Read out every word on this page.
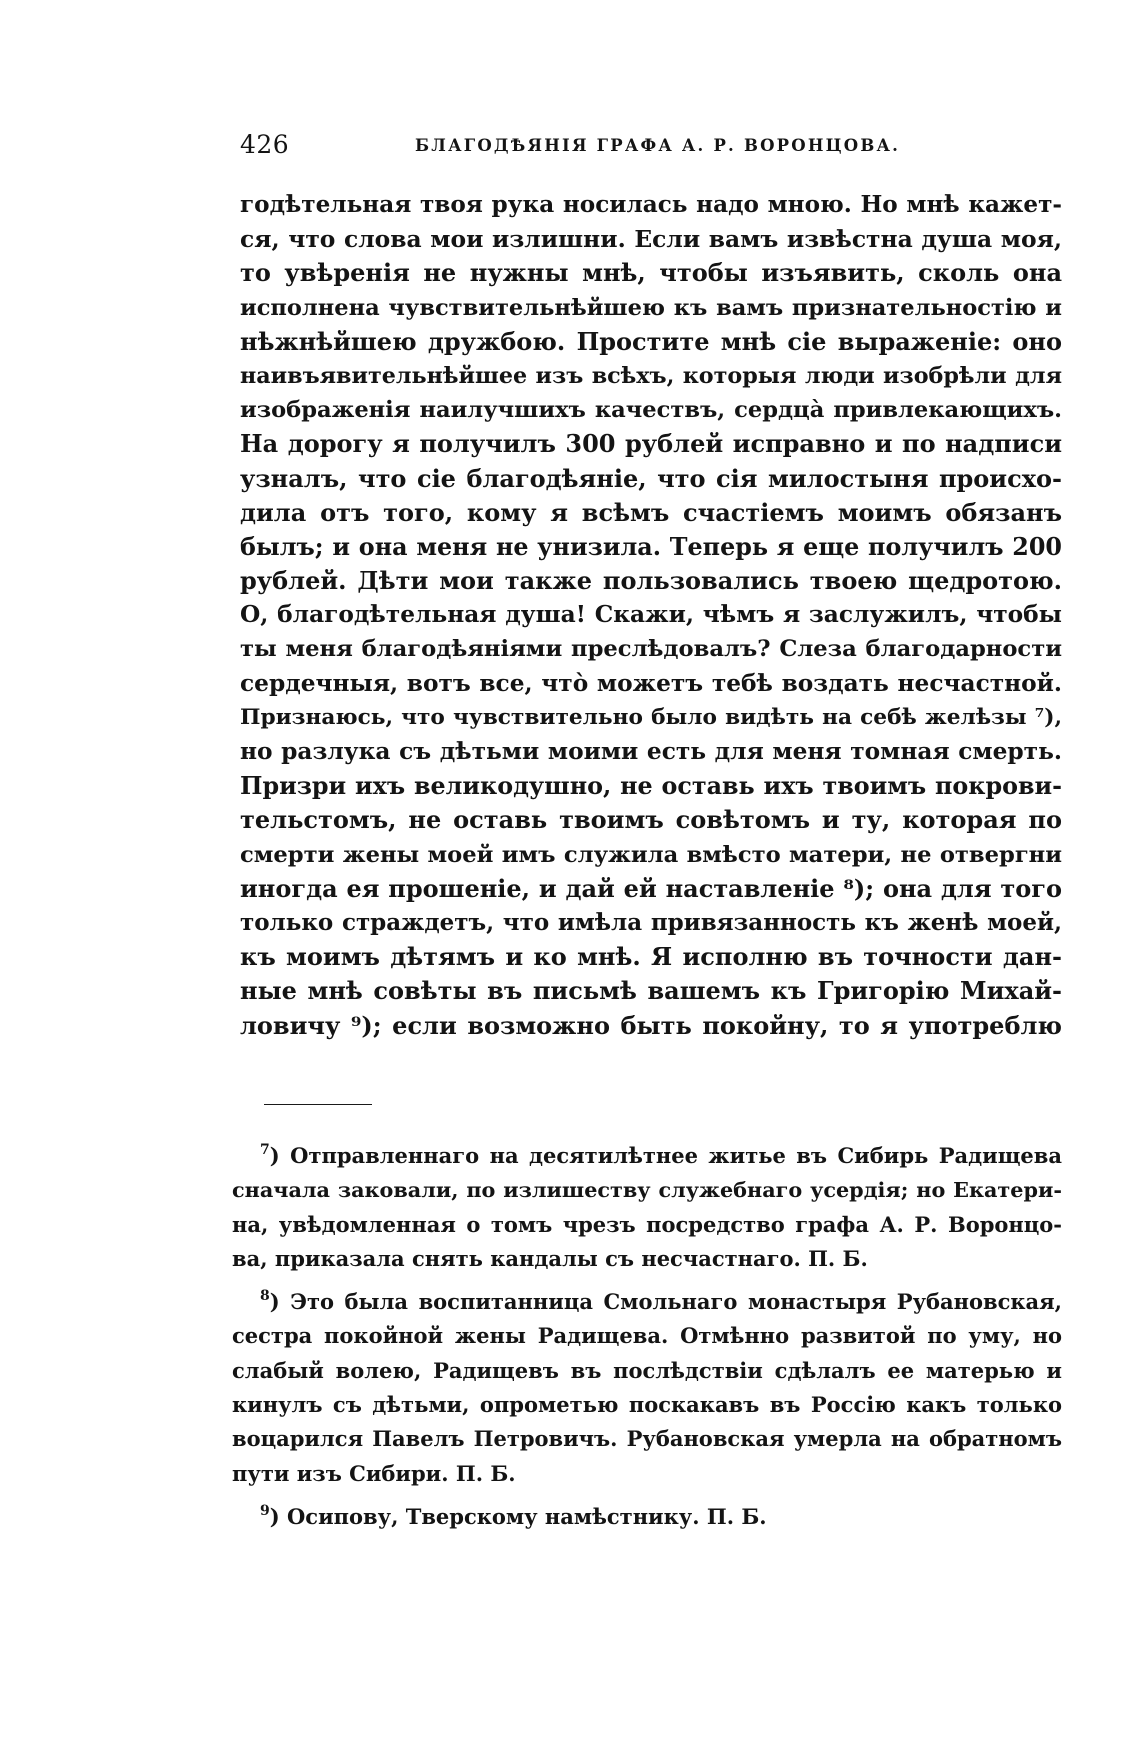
426	БЛАГОДѢЯНІЯ ГРАФА А. Р. ВОРОНЦОВА.
годѣтельная твоя рука носилась надо мною. Но мнѣ кажет-
ся, что слова мои излишни. Если вамъ извѣстна душа моя,
то увѣренія не нужны мнѣ, чтобы изъявить, сколь она
исполнена чувствительнѣйшею къ вамъ признательностію и
нѣжнѣйшею дружбою. Простите мнѣ сіе выраженіе: оно
наивъявительнѣйшее изъ всѣхъ, которыя люди изобрѣли для
изображенія наилучшихъ качествъ, сердцà привлекающихъ.
На дорогу я получилъ 300 рублей исправно и по надписи
узналъ, что сіе благодѣяніе, что сія милостыня происхо-
дила отъ того, кому я всѣмъ счастіемъ моимъ обязанъ
былъ; и она меня не унизила. Теперь я еще получилъ 200
рублей. Дѣти мои также пользовались твоею щедротою.
О, благодѣтельная душа! Скажи, чѣмъ я заслужилъ, чтобы
ты меня благодѣяніями преслѣдовалъ? Слеза благодарности
сердечныя, вотъ все, чтò можетъ тебѣ воздать несчастной.
Признаюсь, что чувствительно было видѣть на себѣ желѣзы ⁷),
но разлука съ дѣтьми моими есть для меня томная смерть.
Призри ихъ великодушно, не оставь ихъ твоимъ покрови-
тельстомъ, не оставь твоимъ совѣтомъ и ту, которая по
смерти жены моей имъ служила вмѣсто матери, не отвергни
иногда ея прошеніе, и дай ей наставленіе ⁸); она для того
только страждетъ, что имѣла привязанность къ женѣ моей,
къ моимъ дѣтямъ и ко мнѣ. Я исполню въ точности дан-
ные мнѣ совѣты въ письмѣ вашемъ къ Григорію Михай-
ловичу ⁹); если возможно быть покойну, то я употреблю
$^7$) Отправленнаго на десятилѣтнее житье въ Сибирь Радищева
сначала заковали, по излишеству служебнаго усердія; но Екатери-
на, увѣдомленная о томъ чрезъ посредство графа А. Р. Воронцо-
ва, приказала снять кандалы съ несчастнаго. П. Б.
$^8$) Это была воспитанница Смольнаго монастыря Рубановская,
сестра покойной жены Радищева. Отмѣнно развитой по уму, но
слабый волею, Радищевъ въ послѣдствіи сдѣлалъ ее матерью и
кинулъ съ дѣтьми, опрометью поскакавъ въ Россію какъ только
воцарился Павелъ Петровичъ. Рубановская умерла на обратномъ
пути изъ Сибири. П. Б.
$^9$) Осипову, Тверскому намѣстнику. П. Б.
